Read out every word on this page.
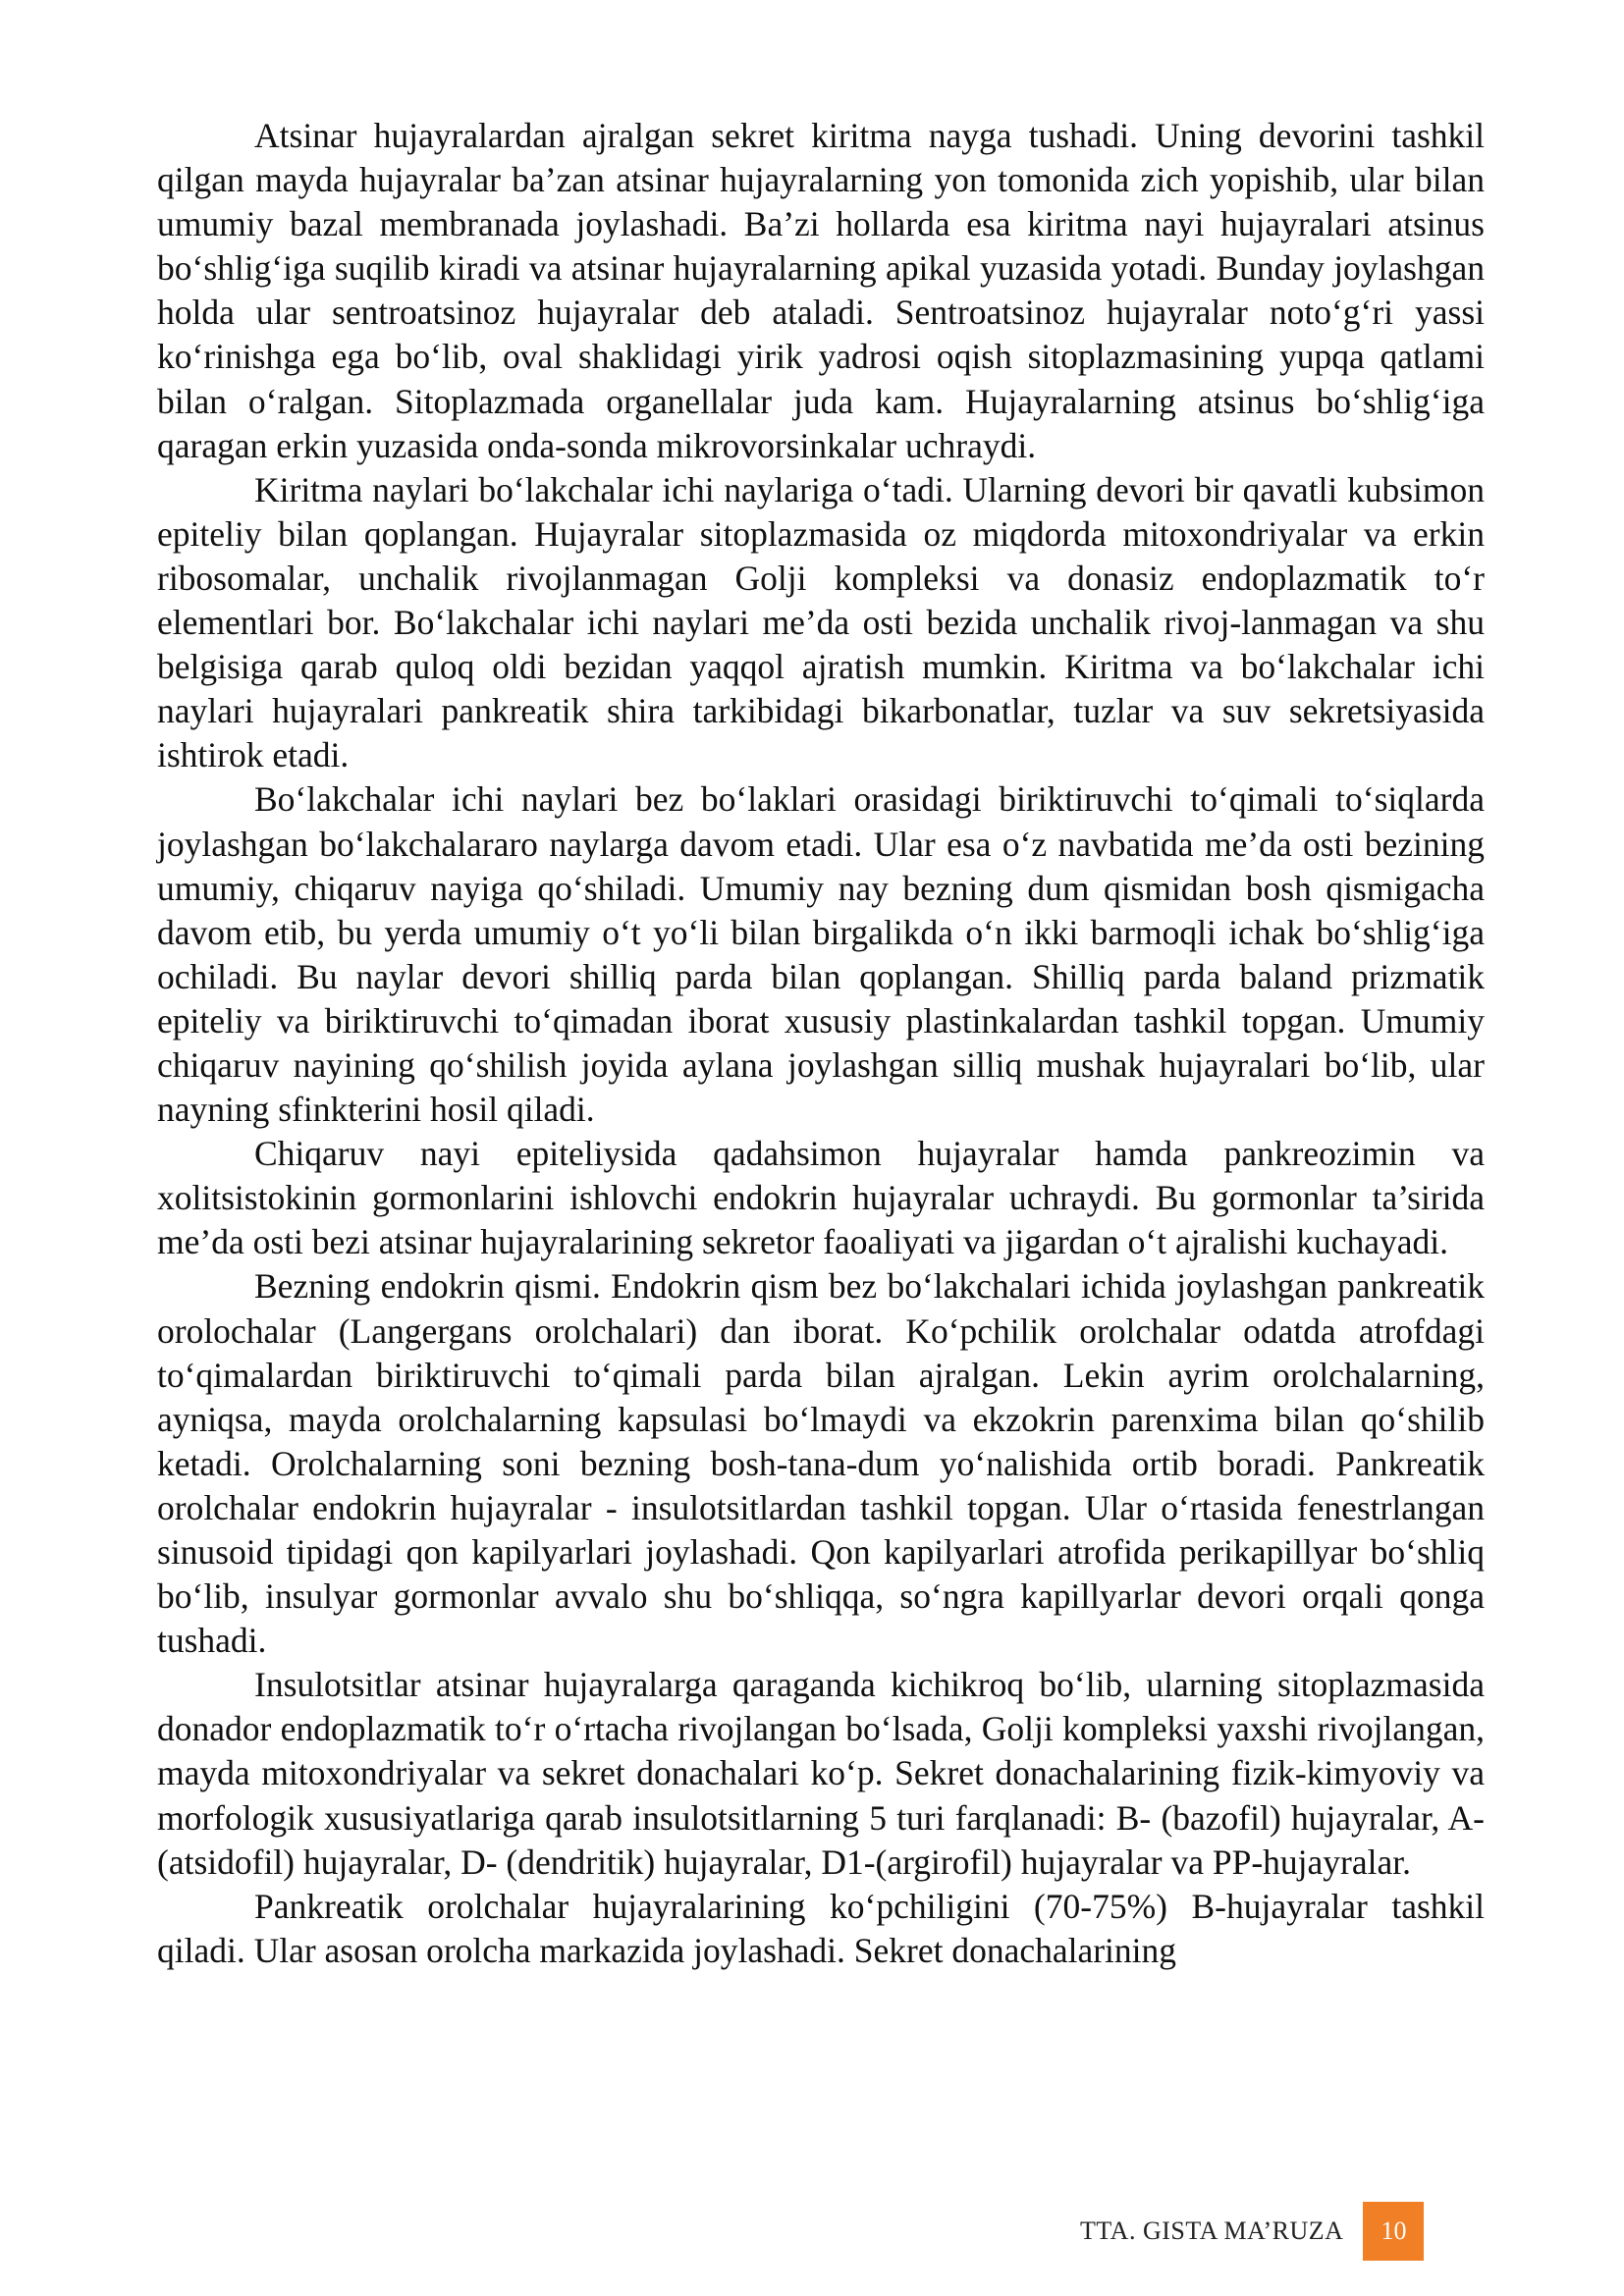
Atsinar hujayralardan ajralgan sekret kiritma nayga tushadi. Uning devorini tashkil qilgan mayda hujayralar ba’zan atsinar hujayralarning yon tomonida zich yopishib, ular bilan umumiy bazal membranada joylashadi. Ba’zi hollarda esa kiritma nayi hujayralari atsinus bo‘shlig‘iga suqilib kiradi va atsinar hujayralarning apikal yuzasida yotadi. Bunday joylashgan holda ular sentroatsinoz hujayralar deb ataladi. Sentroatsinoz hujayralar noto‘g‘ri yassi ko‘rinishga ega bo‘lib, oval shaklidagi yirik yadrosi oqish sitoplazmasining yupqa qatlami bilan o‘ralgan. Sitoplazmada organellalar juda kam. Hujayralarning atsinus bo‘shlig‘iga qaragan erkin yuzasida onda-sonda mikrovorsinkalar uchraydi.

Kiritma naylari bo‘lakchalar ichi naylariga o‘tadi. Ularning devori bir qavatli kubsimon epiteliy bilan qoplangan. Hujayralar sitoplazmasida oz miqdorda mitoxondriyalar va erkin ribosomalar, unchalik rivojlanmagan Golji kompleksi va donasiz endoplazmatik to‘r elementlari bor. Bo‘lakchalar ichi naylari me’da osti bezida unchalik rivoj-lanmagan va shu belgisiga qarab quloq oldi bezidan yaqqol ajratish mumkin. Kiritma va bo‘lakchalar ichi naylari hujayralari pankreatik shira tarkibidagi bikarbonatlar, tuzlar va suv sekretsiyasida ishtirok etadi.

Bo‘lakchalar ichi naylari bez bo‘laklari orasidagi biriktiruvchi to‘qimali to‘siqlarda joylashgan bo‘lakchalararo naylarga davom etadi. Ular esa o‘z navbatida me’da osti bezining umumiy, chiqaruv nayiga qo‘shiladi. Umumiy nay bezning dum qismidan bosh qismigacha davom etib, bu yerda umumiy o‘t yo‘li bilan birgalikda o‘n ikki barmoqli ichak bo‘shlig‘iga ochiladi. Bu naylar devori shilliq parda bilan qoplangan. Shilliq parda baland prizmatik epiteliy va biriktiruvchi to‘qimadan iborat xususiy plastinkalardan tashkil topgan. Umumiy chiqaruv nayining qo‘shilish joyida aylana joylashgan silliq mushak hujayralari bo‘lib, ular nayning sfinkterini hosil qiladi.

Chiqaruv nayi epiteliysida qadahsimon hujayralar hamda pankreozimin va xolitsistokinin gormonlarini ishlovchi endokrin hujayralar uchraydi. Bu gormonlar ta’sirida me’da osti bezi atsinar hujayralarining sekretor faoaliyati va jigardan o‘t ajralishi kuchayadi.

Bezning endokrin qismi. Endokrin qism bez bo‘lakchalari ichida joylashgan pankreatik orolochalar (Langergans orolchalari) dan iborat. Ko‘pchilik orolchalar odatda atrofdagi to‘qimalardan biriktiruvchi to‘qimali parda bilan ajralgan. Lekin ayrim orolchalarning, ayniqsa, mayda orolchalarning kapsulasi bo‘lmaydi va ekzokrin parenxima bilan qo‘shilib ketadi. Orolchalarning soni bezning bosh-tana-dum yo‘nalishida ortib boradi. Pankreatik orolchalar endokrin hujayralar - insulotsitlardan tashkil topgan. Ular o‘rtasida fenestrlangan sinusoid tipidagi qon kapilyarlari joylashadi. Qon kapilyarlari atrofida perikapillyar bo‘shliq bo‘lib, insulyar gormonlar avvalo shu bo‘shliqqa, so‘ngra kapillyarlar devori orqali qonga tushadi.

Insulotsitlar atsinar hujayralarga qaraganda kichikroq bo‘lib, ularning sitoplazmasida donador endoplazmatik to‘r o‘rtacha rivojlangan bo‘lsada, Golji kompleksi yaxshi rivojlangan, mayda mitoxondriyalar va sekret donachalari ko‘p. Sekret donachalarining fizik-kimyoviy va morfologik xususiyatlariga qarab insulotsitlarning 5 turi farqlanadi: B- (bazofil) hujayralar, A- (atsidofil) hujayralar, D- (dendritik) hujayralar, D1-(argirofil) hujayralar va PP-hujayralar.

Pankreatik orolchalar hujayralarining ko‘pchiligini (70-75%) B-hujayralar tashkil qiladi. Ular asosan orolcha markazida joylashadi. Sekret donachalarining

TTA. GISTA MA’RUZA	10
